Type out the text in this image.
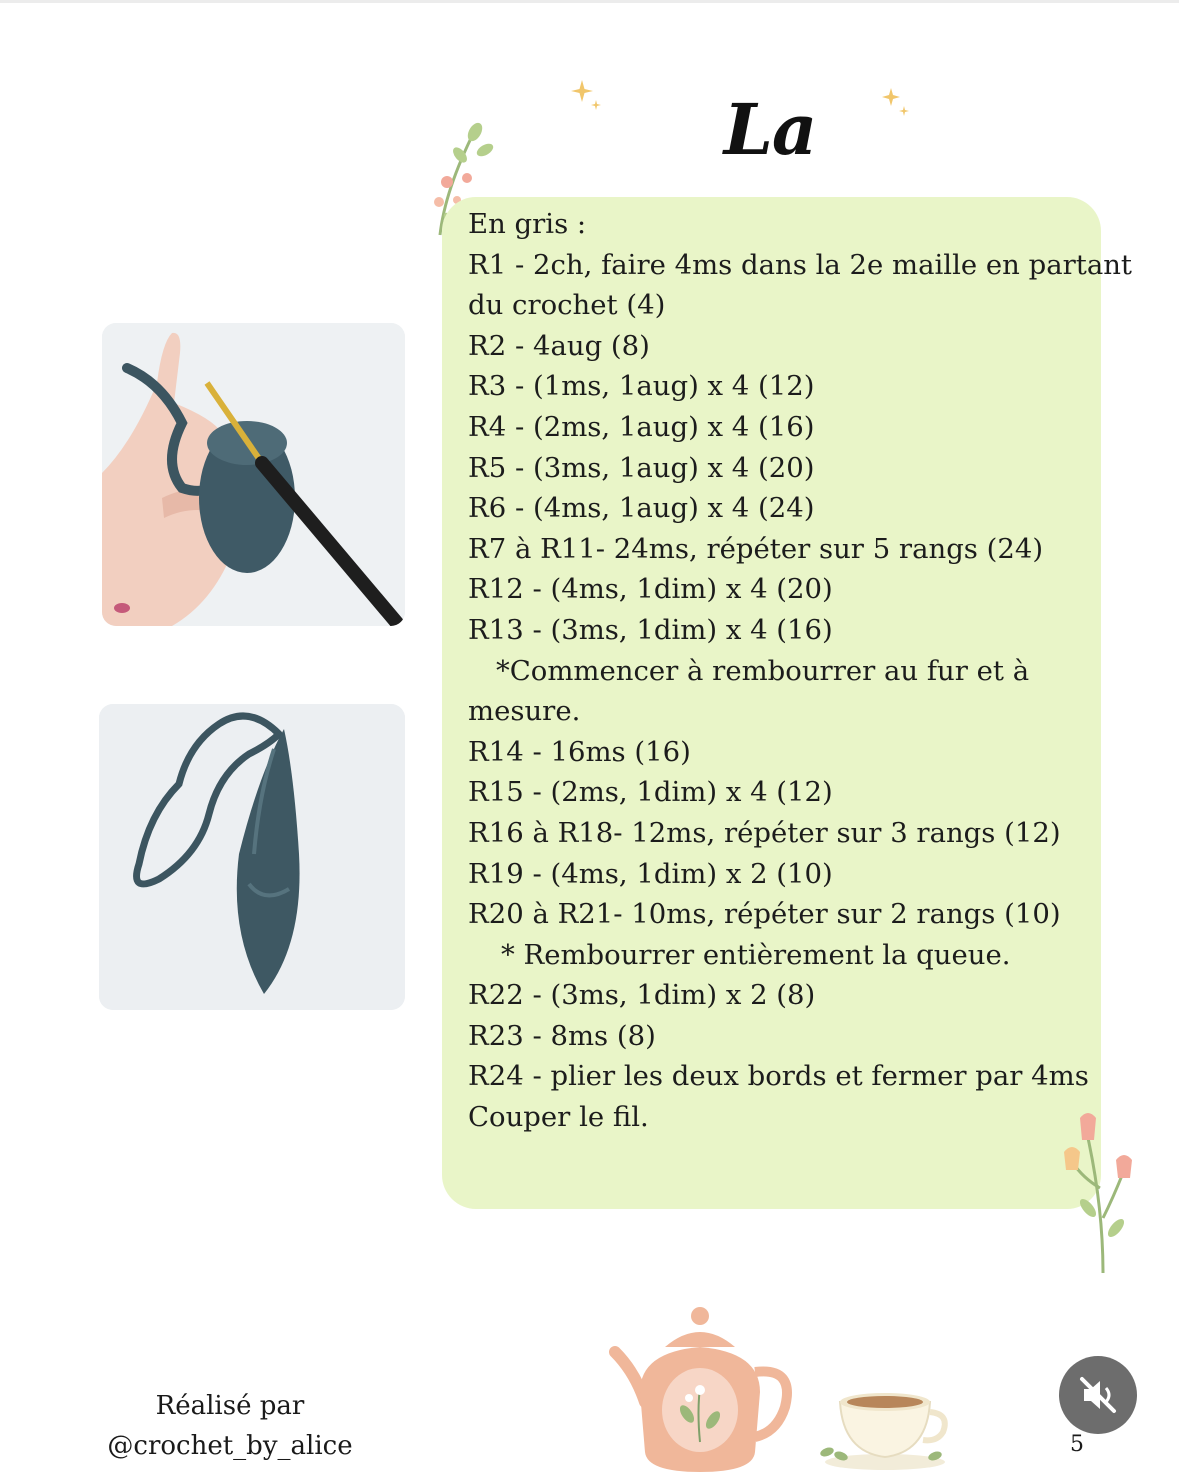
La
En gris :
R1 - 2ch, faire 4ms dans la 2e maille en partant
du crochet (4)
R2 - 4aug (8)
R3 - (1ms, 1aug) x 4 (12)
R4 - (2ms, 1aug) x 4 (16)
R5 - (3ms, 1aug) x 4 (20)
R6 - (4ms, 1aug) x 4 (24)
R7 à R11- 24ms, répéter sur 5 rangs (24)
R12 - (4ms, 1dim) x 4 (20)
R13 - (3ms, 1dim) x 4 (16)
*Commencer à rembourrer au fur et à
mesure.
R14 - 16ms (16)
R15 - (2ms, 1dim) x 4 (12)
R16 à R18- 12ms, répéter sur 3 rangs (12)
R19 - (4ms, 1dim) x 2 (10)
R20 à R21- 10ms, répéter sur 2 rangs (10)
* Rembourrer entièrement la queue.
R22 - (3ms, 1dim) x 2 (8)
R23 - 8ms (8)
R24 - plier les deux bords et fermer par 4ms
Couper le fil.
Réalisé par
@crochet_by_alice	5
